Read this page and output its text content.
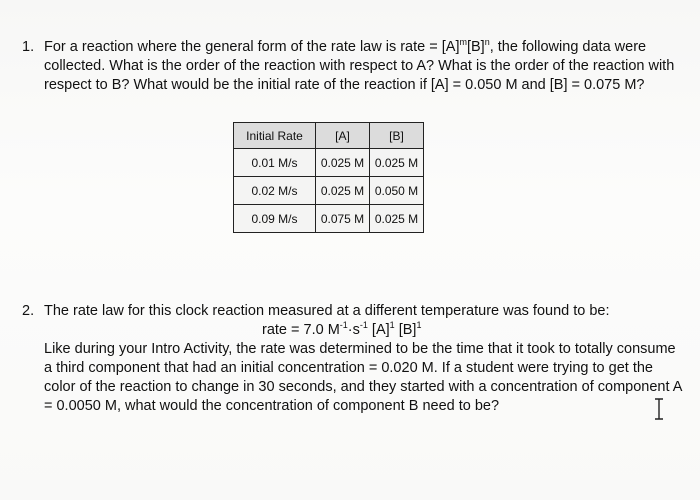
1. For a reaction where the general form of the rate law is rate = $[A]^m[B]^n$, the following data were collected. What is the order of the reaction with respect to A? What is the order of the reaction with respect to B? What would be the initial rate of the reaction if [A] = 0.050 M and [B] = 0.075 M?
Initial Rate	[A]	[B]
0.01 M/s	0.025 M	0.025 M
0.02 M/s	0.025 M	0.050 M
0.09 M/s	0.075 M	0.025 M
2. The rate law for this clock reaction measured at a different temperature was found to be:
rate = 7.0 $M^{-1}\cdot s^{-1}$ $[A]^1$ $[B]^1$
Like during your Intro Activity, the rate was determined to be the time that it took to totally consume a third component that had an initial concentration = 0.020 M. If a student were trying to get the color of the reaction to change in 30 seconds, and they started with a concentration of component A = 0.0050 M, what would the concentration of component B need to be?
